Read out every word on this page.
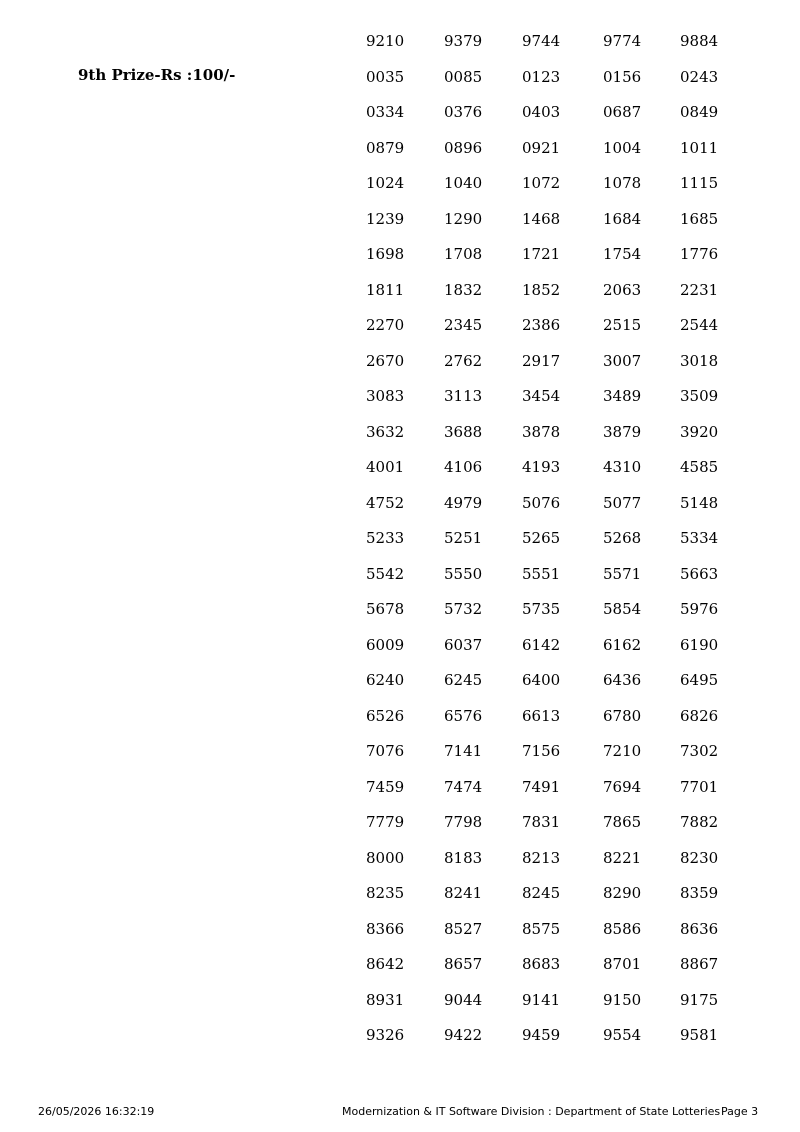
9th Prize-Rs :100/-
9210	9379	9744	9774	9884
0035	0085	0123	0156	0243
0334	0376	0403	0687	0849
0879	0896	0921	1004	1011
1024	1040	1072	1078	1115
1239	1290	1468	1684	1685
1698	1708	1721	1754	1776
1811	1832	1852	2063	2231
2270	2345	2386	2515	2544
2670	2762	2917	3007	3018
3083	3113	3454	3489	3509
3632	3688	3878	3879	3920
4001	4106	4193	4310	4585
4752	4979	5076	5077	5148
5233	5251	5265	5268	5334
5542	5550	5551	5571	5663
5678	5732	5735	5854	5976
6009	6037	6142	6162	6190
6240	6245	6400	6436	6495
6526	6576	6613	6780	6826
7076	7141	7156	7210	7302
7459	7474	7491	7694	7701
7779	7798	7831	7865	7882
8000	8183	8213	8221	8230
8235	8241	8245	8290	8359
8366	8527	8575	8586	8636
8642	8657	8683	8701	8867
8931	9044	9141	9150	9175
9326	9422	9459	9554	9581
26/05/2026 16:32:19	Modernization & IT Software Division : Department of State Lotteries Page 3
